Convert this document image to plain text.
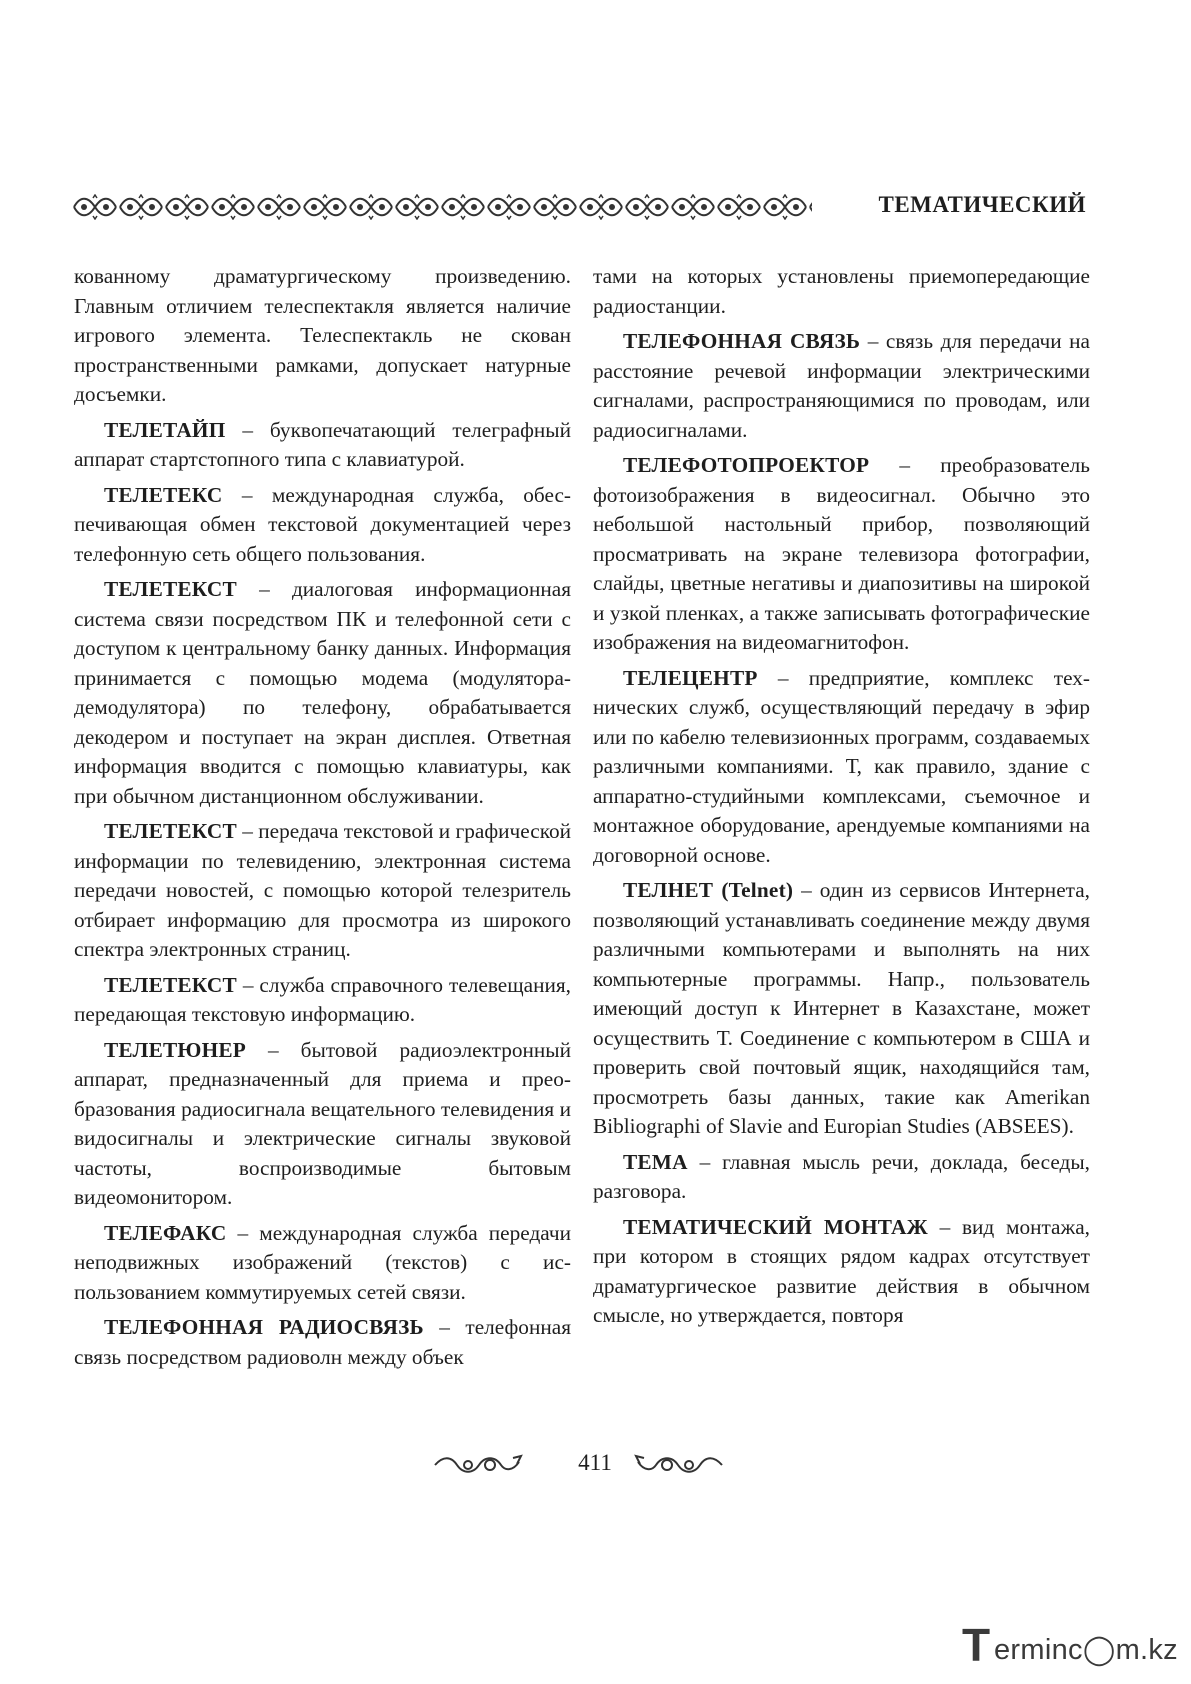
ТЕМАТИЧЕСКИЙ

кованному драматургическому произведению. Главным отличием телеспектакля является наличие игрового элемента. Телеспектакль не скован пространственными рамками, допускает натурные досъемки.

ТЕЛЕТАЙП – буквопечатающий телеграфный аппарат стартстопного типа с клавиатурой.

ТЕЛЕТЕКС – международная служба, обеспечивающая обмен текстовой документацией через телефонную сеть общего пользования.

ТЕЛЕТЕКСТ – диалоговая информационная система связи посредством ПК и телефонной сети с доступом к центральному банку данных. Информация принимается с помощью модема (модулятора-демодулятора) по телефону, обрабатывается декодером и поступает на экран дисплея. Ответная информация вводится с помощью клавиатуры, как при обычном дистанционном обслуживании.

ТЕЛЕТЕКСТ – передача текстовой и графической информации по телевидению, электронная система передачи новостей, с помощью которой телезритель отбирает информацию для просмотра из широкого спектра электронных страниц.

ТЕЛЕТЕКСТ – служба справочного телевещания, передающая текстовую информацию.

ТЕЛЕТЮНЕР – бытовой радиоэлектронный аппарат, предназначенный для приема и преобразования радиосигнала вещательного телевидения и видосигналы и электрические сигналы звуковой частоты, воспроизводимые бытовым видеомонитором.

ТЕЛЕФАКС – международная служба передачи неподвижных изображений (текстов) с использованием коммутируемых сетей связи.

ТЕЛЕФОННАЯ РАДИОСВЯЗЬ – телефонная связь посредством радиоволн между объек

тами на которых установлены приемопередающие радиостанции.

ТЕЛЕФОННАЯ СВЯЗЬ – связь для передачи на расстояние речевой информации электрическими сигналами, распространяющимися по проводам, или радиосигналами.

ТЕЛЕФОТОПРОЕКТОР – преобразователь фотоизображения в видеосигнал. Обычно это небольшой настольный прибор, позволяющий просматривать на экране телевизора фотографии, слайды, цветные негативы и диапозитивы на широкой и узкой пленках, а также записывать фотографические изображения на видеомагнитофон.

ТЕЛЕЦЕНТР – предприятие, комплекс технических служб, осуществляющий передачу в эфир или по кабелю телевизионных программ, создаваемых различными компаниями. Т, как правило, здание с аппаратно-студийными комплексами, съемочное и монтажное оборудование, арендуемые компаниями на договорной основе.

ТЕЛНЕТ (Telnet) – один из сервисов Интернета, позволяющий устанавливать соединение между двумя различными компьютерами и выполнять на них компьютерные программы. Напр., пользователь имеющий доступ к Интернет в Казахстане, может осуществить Т. Соединение с компьютером в США и проверить свой почтовый ящик, находящийся там, просмотреть базы данных, такие как Amerikan Bibliographi of Slavie and Europian Studies (ABSEES).

ТЕМА – главная мысль речи, доклада, беседы, разговора.

ТЕМАТИЧЕСКИЙ МОНТАЖ – вид монтажа, при котором в стоящих рядом кадрах отсутствует драматургическое развитие действия в обычном смысле, но утверждается, повторя

411
T erminc◯m.kz
